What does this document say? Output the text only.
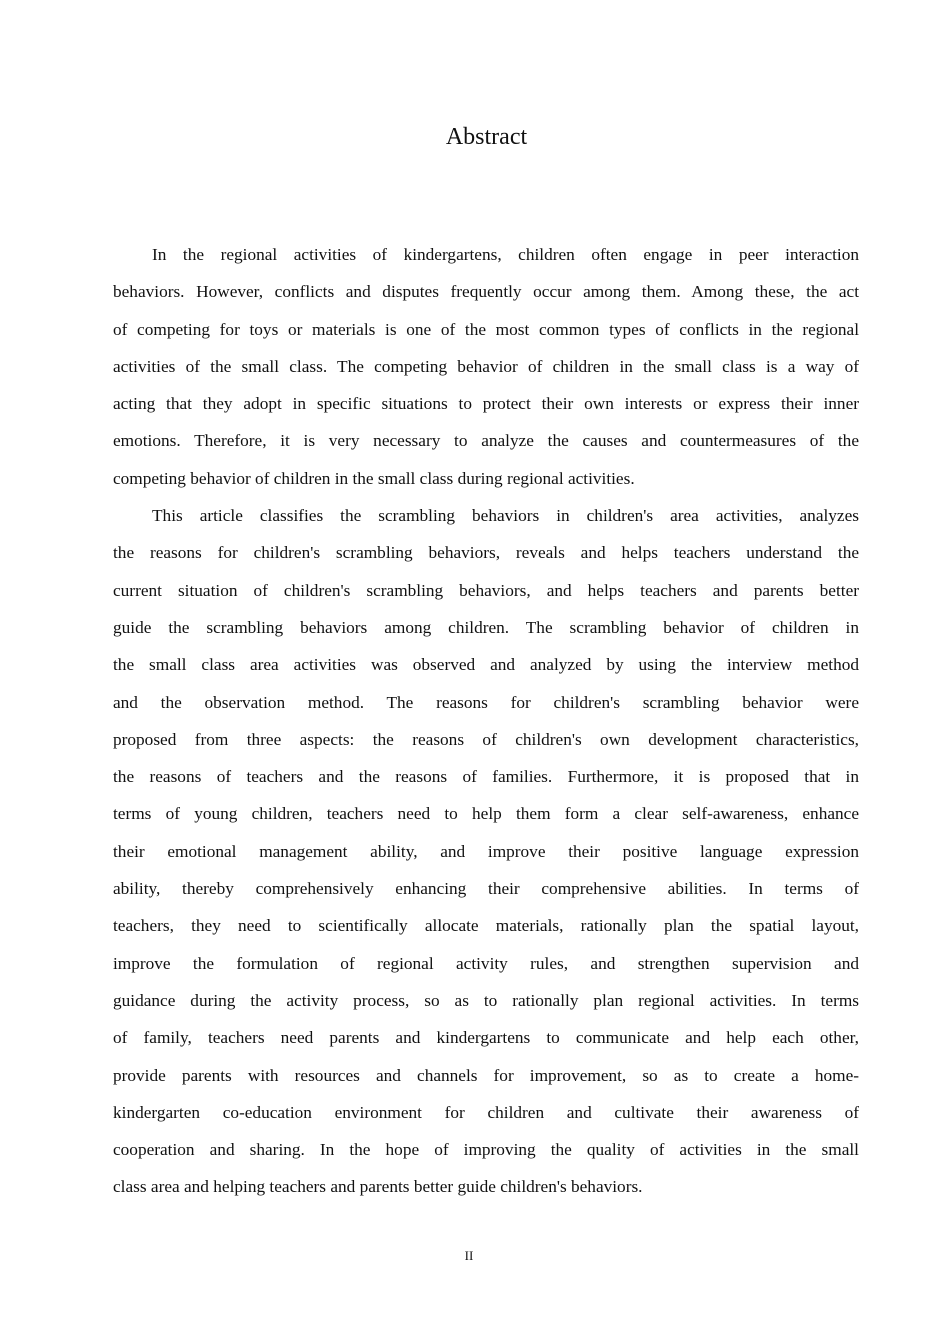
Abstract
In the regional activities of kindergartens, children often engage in peer interaction
behaviors. However, conflicts and disputes frequently occur among them. Among these, the act
of competing for toys or materials is one of the most common types of conflicts in the regional
activities of the small class. The competing behavior of children in the small class is a way of
acting that they adopt in specific situations to protect their own interests or express their inner
emotions. Therefore, it is very necessary to analyze the causes and countermeasures of the
competing behavior of children in the small class during regional activities.
This article classifies the scrambling behaviors in children's area activities, analyzes
the reasons for children's scrambling behaviors, reveals and helps teachers understand the
current situation of children's scrambling behaviors, and helps teachers and parents better
guide the scrambling behaviors among children. The scrambling behavior of children in
the small class area activities was observed and analyzed by using the interview method
and the observation method. The reasons for children's scrambling behavior were
proposed from three aspects: the reasons of children's own development characteristics,
the reasons of teachers and the reasons of families. Furthermore, it is proposed that in
terms of young children, teachers need to help them form a clear self-awareness, enhance
their emotional management ability, and improve their positive language expression
ability, thereby comprehensively enhancing their comprehensive abilities. In terms of
teachers, they need to scientifically allocate materials, rationally plan the spatial layout,
improve the formulation of regional activity rules, and strengthen supervision and
guidance during the activity process, so as to rationally plan regional activities. In terms
of family, teachers need parents and kindergartens to communicate and help each other,
provide parents with resources and channels for improvement, so as to create a home-
kindergarten co-education environment for children and cultivate their awareness of
cooperation and sharing. In the hope of improving the quality of activities in the small
class area and helping teachers and parents better guide children's behaviors.
II
